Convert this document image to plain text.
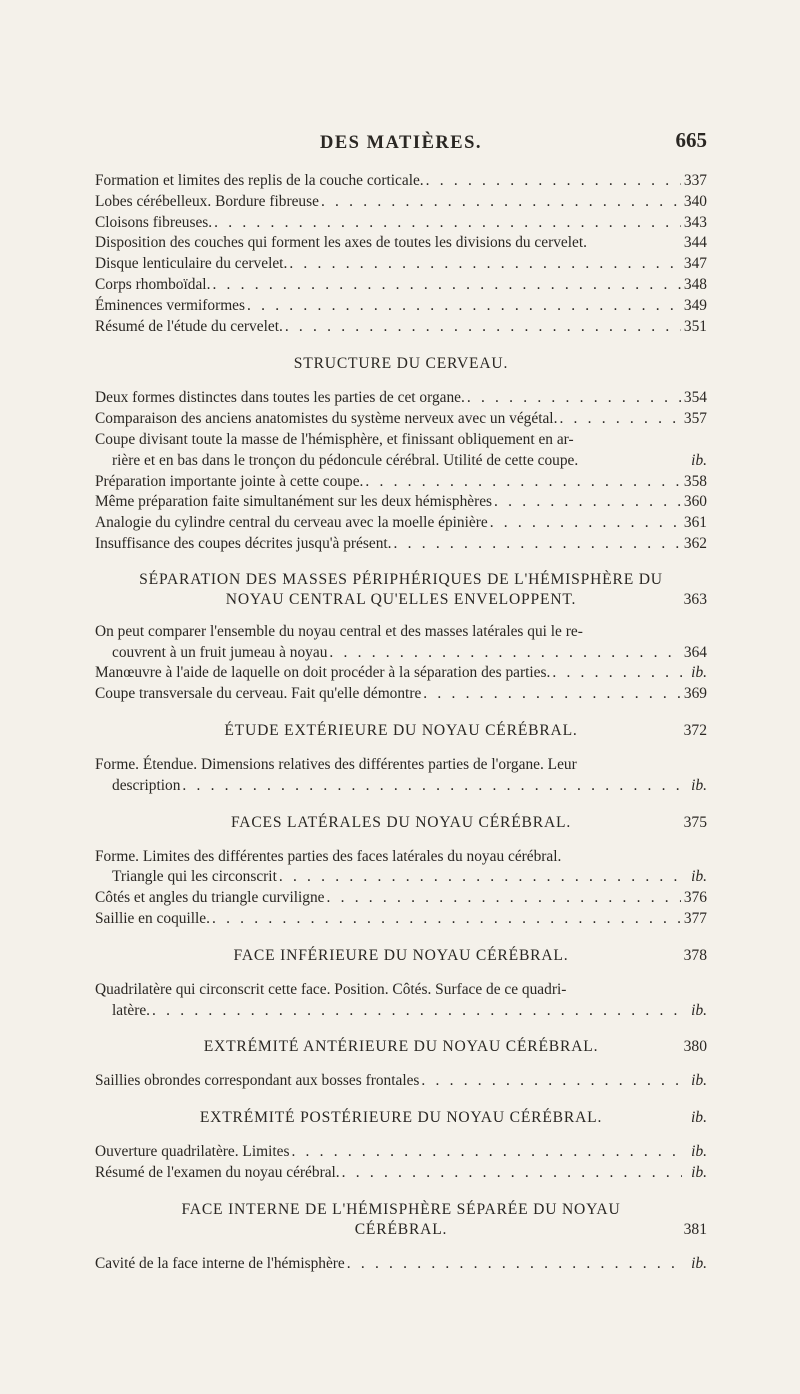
DES MATIÈRES.	665
Formation et limites des replis de la couche corticale. . . .	337
Lobes cérébelleux. Bordure fibreuse . . .	340
Cloisons fibreuses. . . .	343
Disposition des couches qui forment les axes de toutes les divisions du cervelet.	344
Disque lenticulaire du cervelet. . . .	347
Corps rhomboïdal. . . .	348
Éminences vermiformes . . .	349
Résumé de l'étude du cervelet. . . .	351
STRUCTURE DU CERVEAU.
Deux formes distinctes dans toutes les parties de cet organe. . . .	354
Comparaison des anciens anatomistes du système nerveux avec un végétal. . . .	357
Coupe divisant toute la masse de l'hémisphère, et finissant obliquement en ar-
rière et en bas dans le tronçon du pédoncule cérébral. Utilité de cette coupe.	ib.
Préparation importante jointe à cette coupe. . . .	358
Même préparation faite simultanément sur les deux hémisphères . . .	360
Analogie du cylindre central du cerveau avec la moelle épinière . . .	361
Insuffisance des coupes décrites jusqu'à présent. . . .	362
SÉPARATION DES MASSES PÉRIPHÉRIQUES DE L'HÉMISPHÈRE DU
NOYAU CENTRAL QU'ELLES ENVELOPPENT.	363
On peut comparer l'ensemble du noyau central et des masses latérales qui le re-
couvrent à un fruit jumeau à noyau . . .	364
Manœuvre à l'aide de laquelle on doit procéder à la séparation des parties. . . .	ib.
Coupe transversale du cerveau. Fait qu'elle démontre . . .	369
ÉTUDE EXTÉRIEURE DU NOYAU CÉRÉBRAL.	372
Forme. Étendue. Dimensions relatives des différentes parties de l'organe. Leur
description . . .	ib.
FACES LATÉRALES DU NOYAU CÉRÉBRAL.	375
Forme. Limites des différentes parties des faces latérales du noyau cérébral.
Triangle qui les circonscrit . . .	ib.
Côtés et angles du triangle curviligne . . .	376
Saillie en coquille. . . .	377
FACE INFÉRIEURE DU NOYAU CÉRÉBRAL.	378
Quadrilatère qui circonscrit cette face. Position. Côtés. Surface de ce quadri-
latère. . . .	ib.
EXTRÉMITÉ ANTÉRIEURE DU NOYAU CÉRÉBRAL.	380
Saillies obrondes correspondant aux bosses frontales . . .	ib.
EXTRÉMITÉ POSTÉRIEURE DU NOYAU CÉRÉBRAL.	ib.
Ouverture quadrilatère. Limites . . .	ib.
Résumé de l'examen du noyau cérébral. . . .	ib.
FACE INTERNE DE L'HÉMISPHÈRE SÉPARÉE DU NOYAU
CÉRÉBRAL.	381
Cavité de la face interne de l'hémisphère . . .	ib.
